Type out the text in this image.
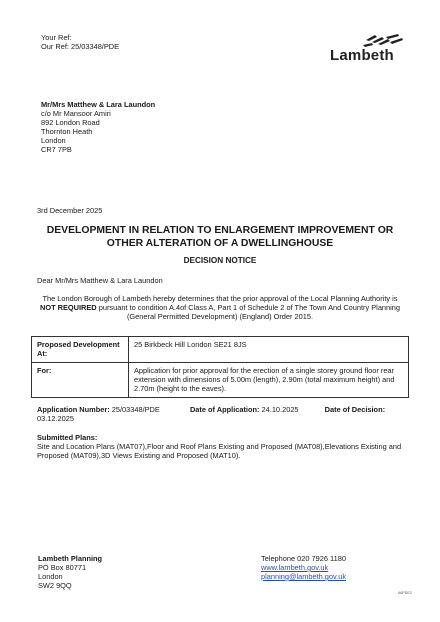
Your Ref:
Our Ref: 25/03348/PDE
Lambeth
Mr/Mrs Matthew & Lara Laundon
c/o Mr Mansoor Amiri
892 London Road
Thornton Heath
London
CR7 7PB
3rd December 2025
DEVELOPMENT IN RELATION TO ENLARGEMENT IMPROVEMENT OR
OTHER ALTERATION OF A DWELLINGHOUSE
DECISION NOTICE
Dear Mr/Mrs Matthew & Lara Laundon
The London Borough of Lambeth hereby determines that the prior approval of the Local Planning Authority is NOT REQUIRED pursuant to condition A.4of Class A, Part 1 of Schedule 2 of The Town And Country Planning (General Permitted Development) (England) Order 2015.
Proposed Development At:	25 Birkbeck Hill London SE21 8JS
For:	Application for prior approval for the erection of a single storey ground floor rear extension with dimensions of 5.00m (length), 2.90m (total maximum height) and 2.70m (height to the eaves).
Application Number: 25/03348/PDE	Date of Application: 24.10.2025	Date of Decision:
03.12.2025
Submitted Plans:
Site and Location Plans (MAT07),Floor and Roof Plans Existing and Proposed (MAT08),Elevations Existing and Proposed (MAT09),3D Views Existing and Proposed (MAT10).
Lambeth Planning
PO Box 80771
London
SW2 9QQ
Telephone 020 7926 1180
www.lambeth.gov.uk
planning@lambeth.gov.uk
A6PDE2
